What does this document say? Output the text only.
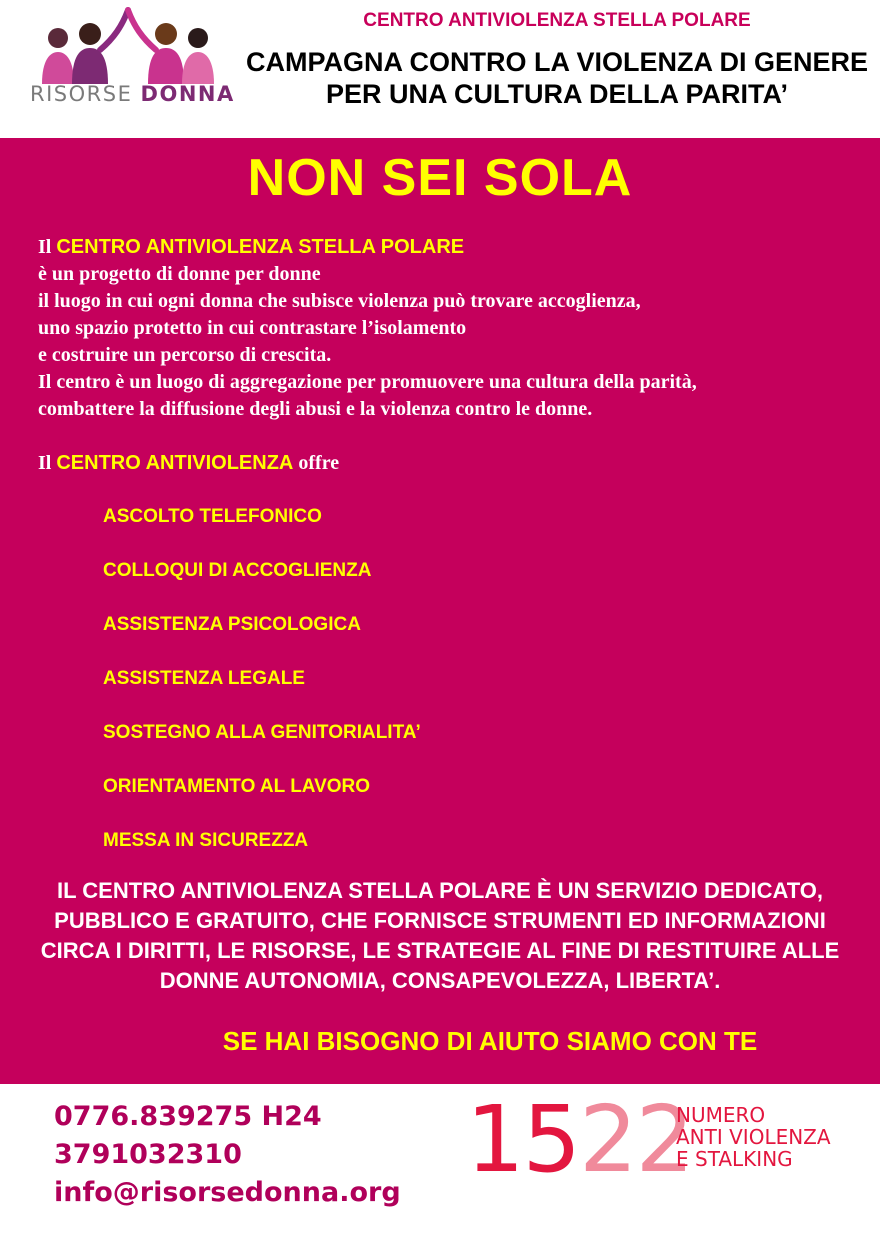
RISORSE DONNA
CENTRO ANTIVIOLENZA STELLA POLARE
CAMPAGNA CONTRO LA VIOLENZA DI GENERE
PER UNA CULTURA DELLA PARITA’
NON SEI SOLA
Il CENTRO ANTIVIOLENZA STELLA POLARE
è un progetto di donne per donne
il luogo in cui ogni donna che subisce violenza può trovare accoglienza,
uno spazio protetto in cui contrastare l’isolamento
e costruire un percorso di crescita.
Il centro è un luogo di aggregazione per promuovere una cultura della parità,
combattere la diffusione degli abusi e la violenza contro le donne.
Il CENTRO ANTIVIOLENZA offre
ASCOLTO TELEFONICO
COLLOQUI DI ACCOGLIENZA
ASSISTENZA PSICOLOGICA
ASSISTENZA LEGALE
SOSTEGNO ALLA GENITORIALITA’
ORIENTAMENTO AL LAVORO
MESSA IN SICUREZZA
IL CENTRO ANTIVIOLENZA STELLA POLARE È UN SERVIZIO DEDICATO,
PUBBLICO E GRATUITO, CHE FORNISCE STRUMENTI ED INFORMAZIONI
CIRCA I DIRITTI, LE RISORSE, LE STRATEGIE AL FINE DI RESTITUIRE ALLE
DONNE AUTONOMIA, CONSAPEVOLEZZA, LIBERTA’.
SE HAI BISOGNO DI AIUTO SIAMO CON TE
0776.839275 H24
3791032310
info@risorsedonna.org 1522
NUMERO
ANTI VIOLENZA
E STALKING
